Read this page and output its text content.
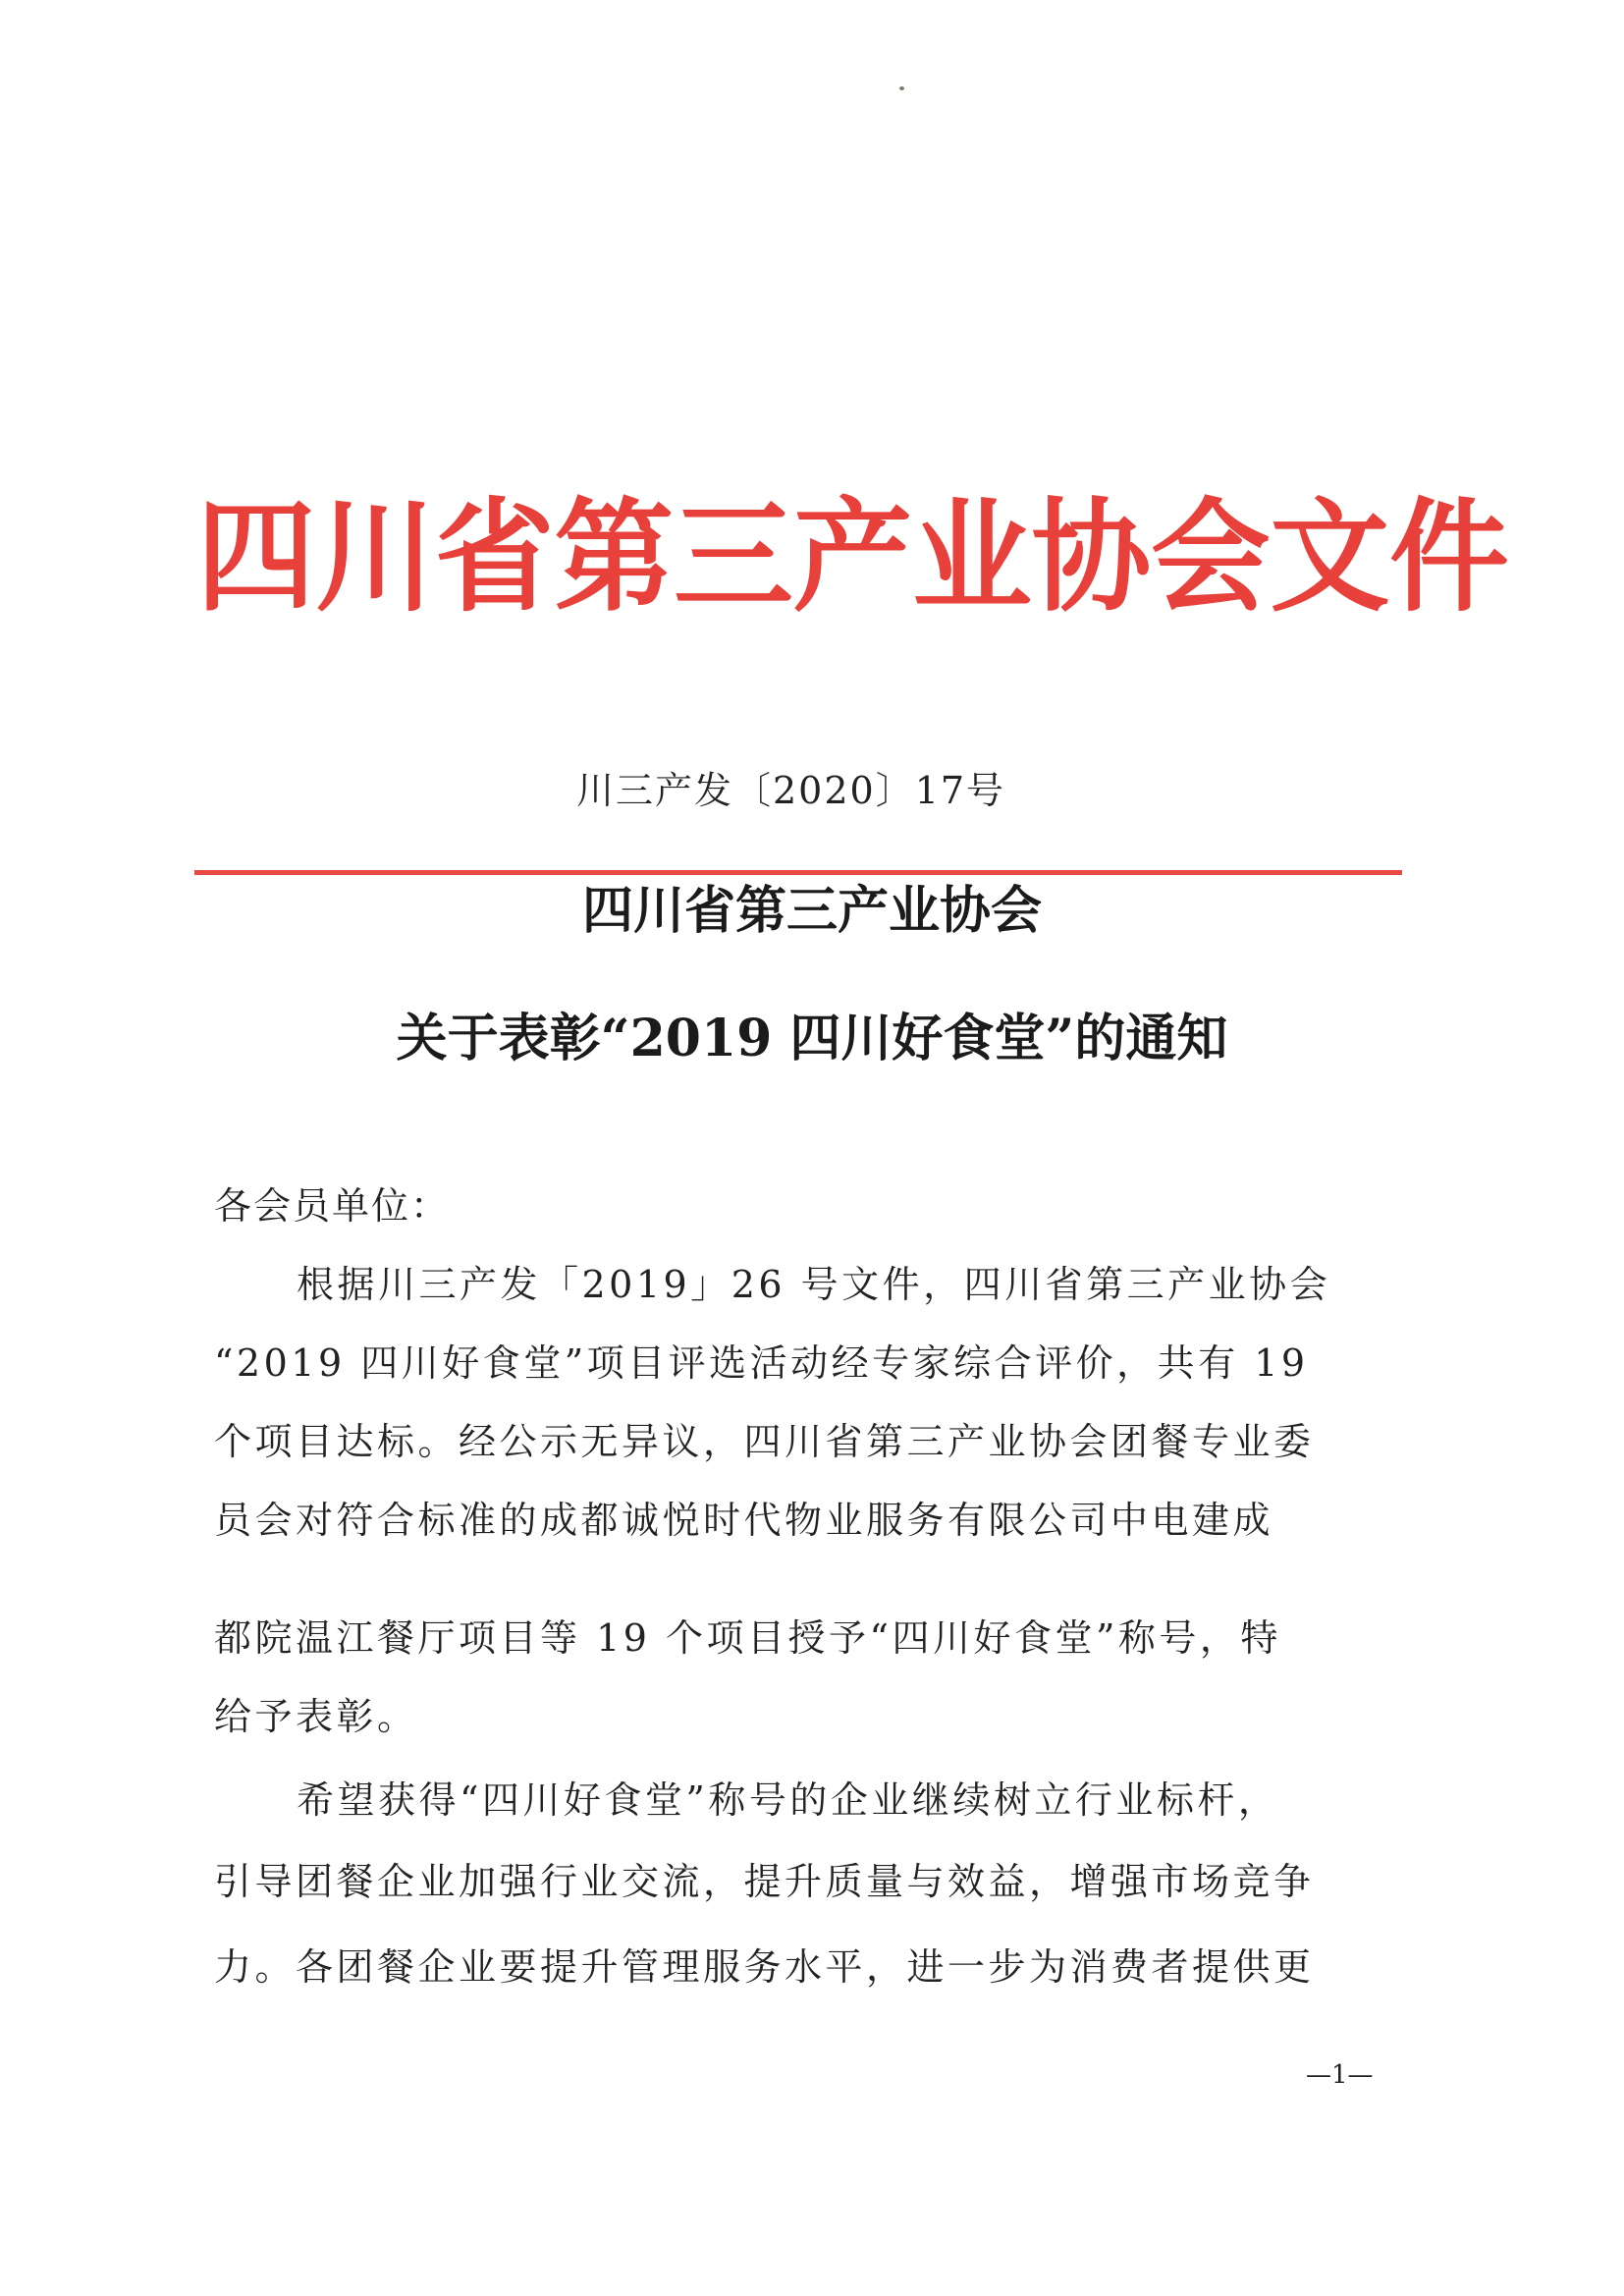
四川省第三产业协会文件
川三产发〔2020〕17号
四川省第三产业协会
关于表彰“2019 四川好食堂”的通知
各会员单位：
根据川三产发「2019」26 号文件，四川省第三产业协会
“2019 四川好食堂”项目评选活动经专家综合评价，共有 19
个项目达标。经公示无异议，四川省第三产业协会团餐专业委
员会对符合标准的成都诚悦时代物业服务有限公司中电建成
都院温江餐厅项目等 19 个项目授予“四川好食堂”称号，特
给予表彰。
希望获得“四川好食堂”称号的企业继续树立行业标杆，
引导团餐企业加强行业交流，提升质量与效益，增强市场竞争
力。各团餐企业要提升管理服务水平，进一步为消费者提供更
—1—
